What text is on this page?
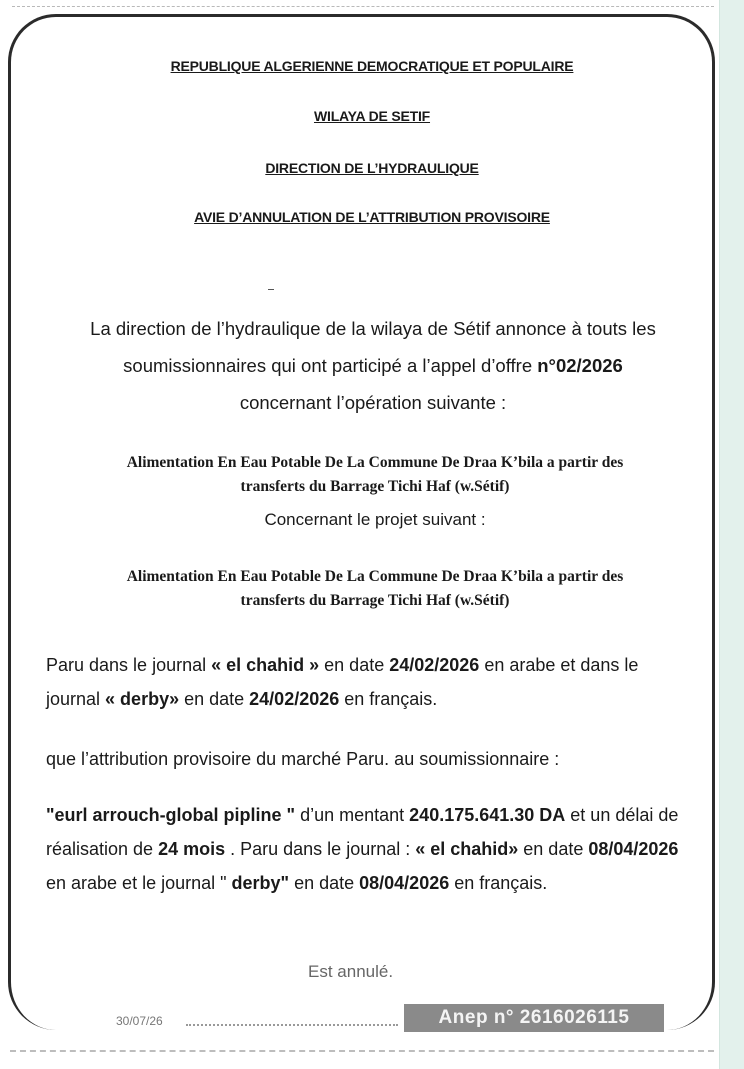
REPUBLIQUE ALGERIENNE DEMOCRATIQUE ET POPULAIRE
WILAYA DE SETIF
DIRECTION DE L’HYDRAULIQUE
AVIE D’ANNULATION DE L’ATTRIBUTION PROVISOIRE

La direction de l’hydraulique de la wilaya de Sétif annonce à touts les soumissionnaires qui ont participé a l’appel d’offre n°02/2026
concernant l’opération suivante :

Alimentation En Eau Potable De La Commune De Draa K’bila a partir des
transferts du Barrage Tichi Haf (w.Sétif)

Concernant le projet suivant :

Alimentation En Eau Potable De La Commune De Draa K’bila a partir des
transferts du Barrage Tichi Haf (w.Sétif)

Paru dans le journal « el chahid » en date 24/02/2026 en arabe et dans le journal « derby» en date 24/02/2026 en français.

que l’attribution provisoire du marché Paru. au soumissionnaire :

"eurl arrouch-global pipline " d’un mentant 240.175.641.30 DA et un délai de réalisation de 24 mois . Paru dans le journal : « el chahid» en date 08/04/2026 en arabe et le journal " derby" en date 08/04/2026 en français.

Est annulé.

30/07/26	Anep n° 2616026115
